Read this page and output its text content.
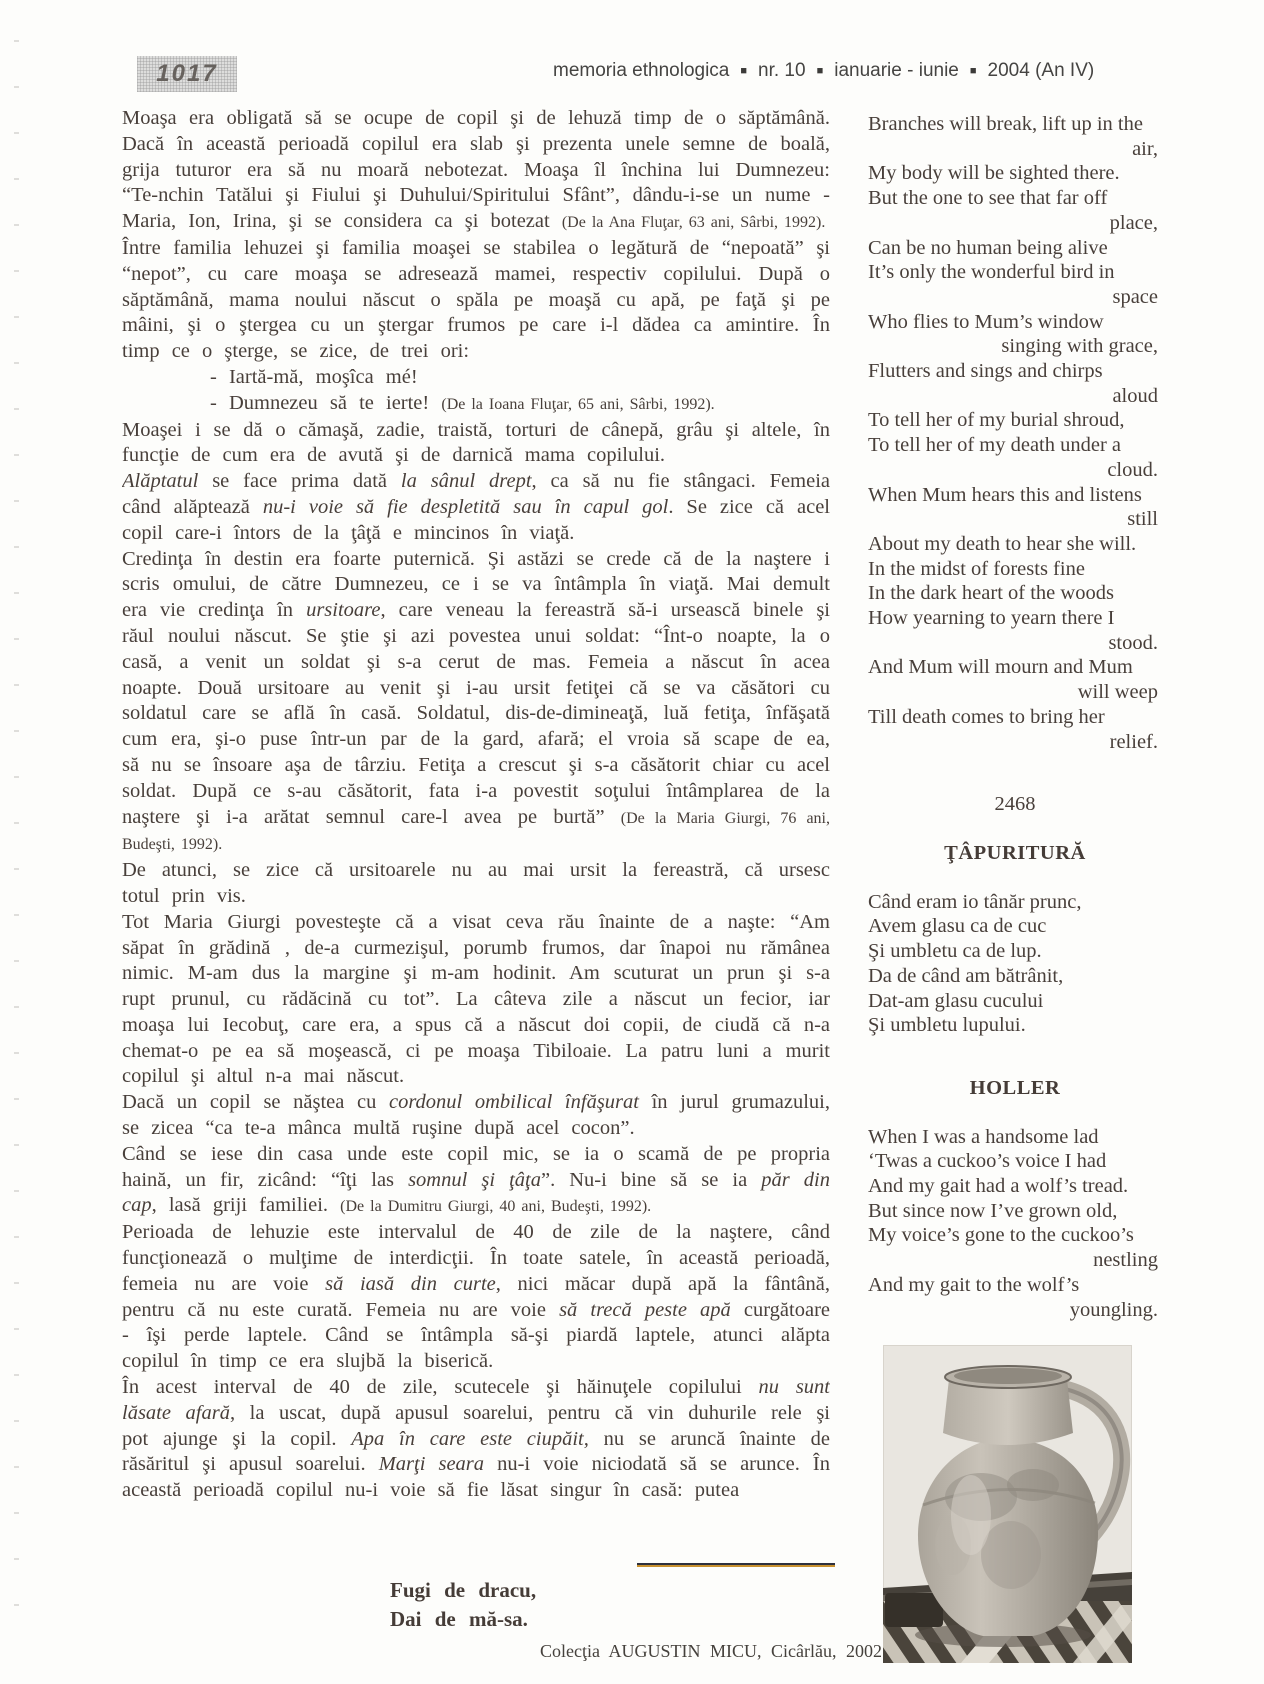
1017	memoria ethnologica ■ nr. 10 ■ ianuarie - iunie ■ 2004 (An IV)

Moaşa era obligată să se ocupe de copil şi de lehuză timp de o săptămână. Dacă în această perioadă copilul era slab şi prezenta unele semne de boală, grija tuturor era să nu moară nebotezat. Moaşa îl închina lui Dumnezeu: “Te-nchin Tatălui şi Fiului şi Duhului/Spiritului Sfânt”, dându-i-se un nume - Maria, Ion, Irina, şi se considera ca şi botezat (De la Ana Fluţar, 63 ani, Sârbi, 1992).

Între familia lehuzei şi familia moaşei se stabilea o legătură de “nepoată” şi “nepot”, cu care moaşa se adresează mamei, respectiv copilului. După o săptămână, mama noului născut o spăla pe moaşă cu apă, pe faţă şi pe mâini, şi o ştergea cu un ştergar frumos pe care i-l dădea ca amintire. În timp ce o şterge, se zice, de trei ori:

- Iartă-mă, moşîca mé!

- Dumnezeu să te ierte! (De la Ioana Fluţar, 65 ani, Sârbi, 1992).

Moaşei i se dă o cămaşă, zadie, traistă, torturi de cânepă, grâu şi altele, în funcţie de cum era de avută şi de darnică mama copilului.

Alăptatul se face prima dată la sânul drept, ca să nu fie stângaci. Femeia când alăptează nu-i voie să fie despletită sau în capul gol. Se zice că acel copil care-i întors de la ţâţă e mincinos în viaţă.

Credinţa în destin era foarte puternică. Şi astăzi se crede că de la naştere i scris omului, de către Dumnezeu, ce i se va întâmpla în viaţă. Mai demult era vie credinţa în ursitoare, care veneau la fereastră să-i ursească binele şi răul noului născut. Se ştie şi azi povestea unui soldat: “Înt-o noapte, la o casă, a venit un soldat şi s-a cerut de mas. Femeia a născut în acea noapte. Două ursitoare au venit şi i-au ursit fetiţei că se va căsători cu soldatul care se află în casă. Soldatul, dis-de-dimineaţă, luă fetiţa, înfăşată cum era, şi-o puse într-un par de la gard, afară; el vroia să scape de ea, să nu se însoare aşa de târziu. Fetiţa a crescut şi s-a căsătorit chiar cu acel soldat. După ce s-au căsătorit, fata i-a povestit soţului întâmplarea de la naştere şi i-a arătat semnul care-l avea pe burtă” (De la Maria Giurgi, 76 ani, Budeşti, 1992).

De atunci, se zice că ursitoarele nu au mai ursit la fereastră, că ursesc totul prin vis.

Tot Maria Giurgi povesteşte că a visat ceva rău înainte de a naşte: “Am săpat în grădină , de-a curmezişul, porumb frumos, dar înapoi nu rămânea nimic. M-am dus la margine şi m-am hodinit. Am scuturat un prun şi s-a rupt prunul, cu rădăcină cu tot”. La câteva zile a născut un fecior, iar moaşa lui Iecobuţ, care era, a spus că a născut doi copii, de ciudă că n-a chemat-o pe ea să moşească, ci pe moaşa Tibiloaie. La patru luni a murit copilul şi altul n-a mai născut.

Dacă un copil se năştea cu cordonul ombilical înfăşurat în jurul grumazului, se zicea “ca te-a mânca multă ruşine după acel cocon”.

Când se iese din casa unde este copil mic, se ia o scamă de pe propria haină, un fir, zicând: “îţi las somnul şi ţâţa”. Nu-i bine să se ia păr din cap, lasă griji familiei. (De la Dumitru Giurgi, 40 ani, Budeşti, 1992).

Perioada de lehuzie este intervalul de 40 de zile de la naştere, când funcţionează o mulţime de interdicţii. În toate satele, în această perioadă, femeia nu are voie să iasă din curte, nici măcar după apă la fântână, pentru că nu este curată. Femeia nu are voie să trecă peste apă curgătoare - îşi perde laptele. Când se întâmpla să-şi piardă laptele, atunci alăpta copilul în timp ce era slujbă la biserică.

În acest interval de 40 de zile, scutecele şi hăinuţele copilului nu sunt lăsate afară, la uscat, după apusul soarelui, pentru că vin duhurile rele şi pot ajunge şi la copil. Apa în care este ciupăit, nu se aruncă înainte de răsăritul şi apusul soarelui. Marţi seara nu-i voie niciodată să se arunce. În această perioadă copilul nu-i voie să fie lăsat singur în casă: putea

Branches will break, lift up in the
air,
My body will be sighted there.
But the one to see that far off
place,
Can be no human being alive
It’s only the wonderful bird in
space
Who flies to Mum’s window
singing with grace,
Flutters and sings and chirps
aloud
To tell her of my burial shroud,
To tell her of my death under a
cloud.
When Mum hears this and listens
still
About my death to hear she will.
In the midst of forests fine
In the dark heart of the woods
How yearning to yearn there I
stood.
And Mum will mourn and Mum
will weep
Till death comes to bring her
relief.
2468
ŢÂPURITURĂ
Când eram io tânăr prunc,
Avem glasu ca de cuc
Şi umbletu ca de lup.
Da de când am bătrânit,
Dat-am glasu cucului
Şi umbletu lupului.
HOLLER
When I was a handsome lad
‘Twas a cuckoo’s voice I had
And my gait had a wolf’s tread.
But since now I’ve grown old,
My voice’s gone to the cuckoo’s
nestling
And my gait to the wolf’s
youngling.
Fugi de dracu,
Dai de mă-sa.
Colecţia AUGUSTIN MICU, Cicârlău, 2002
